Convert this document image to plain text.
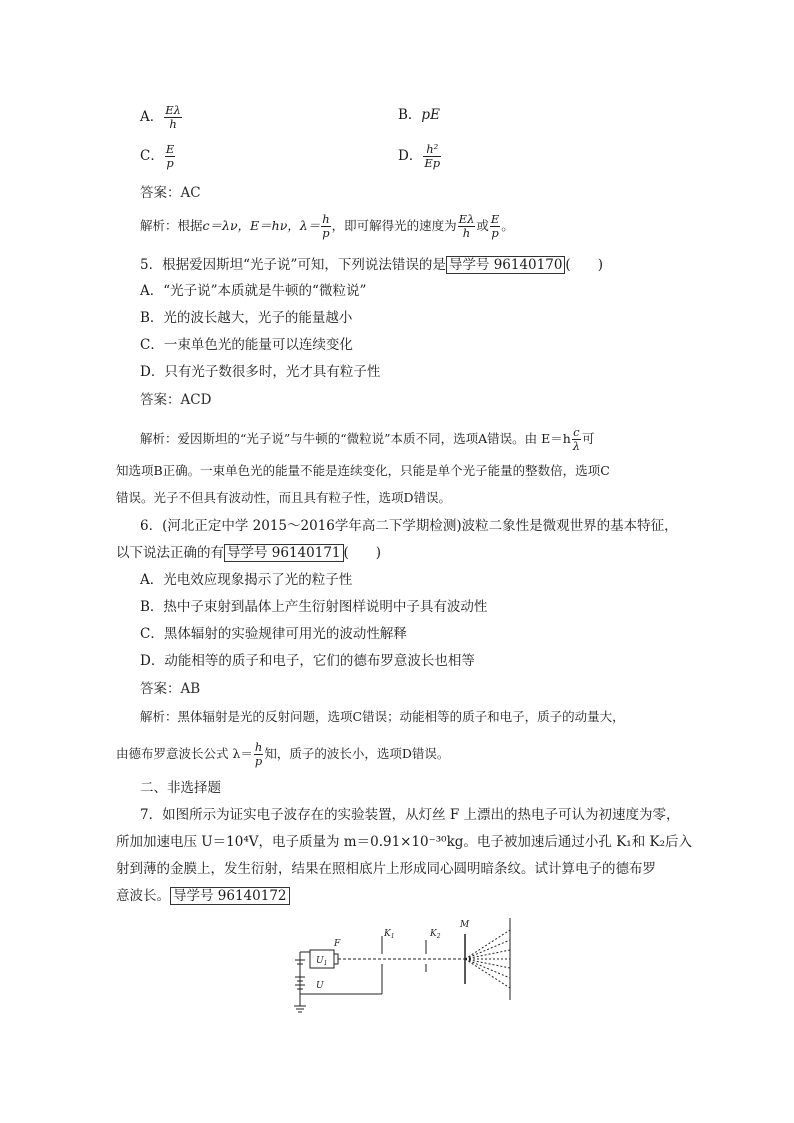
A． $\frac{E\lambda}{h}$	B．pE
C． $\frac{E}{p}$	D． $\frac{\text{h²}}{Ep}$
答案：AC
解析：根据c＝λν，E＝hν，$\lambda= \frac{h}{p}$ ，即可解得光的速度为 $\frac{E\lambda}{h}$ 或 $\frac{E}{p}$ 。
5．根据爱因斯坦“光子说”可知，下列说法错误的是 导学号 96140170 (　　)
A．“光子说”本质就是牛顿的“微粒说”
B．光的波长越大，光子的能量越小
C．一束单色光的能量可以连续变化
D．只有光子数很多时，光才具有粒子性
答案：ACD
解析：爱因斯坦的“光子说”与牛顿的“微粒说”本质不同，选项A错误。由 $E=h \frac{c}{\lambda}$ 可
知选项B正确。一束单色光的能量不能是连续变化，只能是单个光子能量的整数倍，选项C
错误。光子不但具有波动性，而且具有粒子性，选项D错误。
6．(河北正定中学 2015～2016学年高二下学期检测)波粒二象性是微观世界的基本特征，
以下说法正确的有 导学号 96140171 (　　)
A．光电效应现象揭示了光的粒子性
B．热中子束射到晶体上产生衍射图样说明中子具有波动性
C．黑体辐射的实验规律可用光的波动性解释
D．动能相等的质子和电子，它们的德布罗意波长也相等
答案：AB
解析：黑体辐射是光的反射问题，选项C错误；动能相等的质子和电子，质子的动量大，
由德布罗意波长公式 $\lambda= \frac{h}{p}$ 知，质子的波长小，选项D错误。
二、非选择题
7．如图所示为证实电子波存在的实验装置，从灯丝 F 上漂出的热电子可认为初速度为零，
所加加速电压 U＝10⁴V，电子质量为 m＝0.91×10⁻³⁰kg。电子被加速后通过小孔 K₁和 K₂后入
射到薄的金膜上，发生衍射，结果在照相底片上形成同心圆明暗条纹。试计算电子的德布罗
意波长。 导学号 96140172
F
$U_1$
U
$K_1$	$K_2$
M
